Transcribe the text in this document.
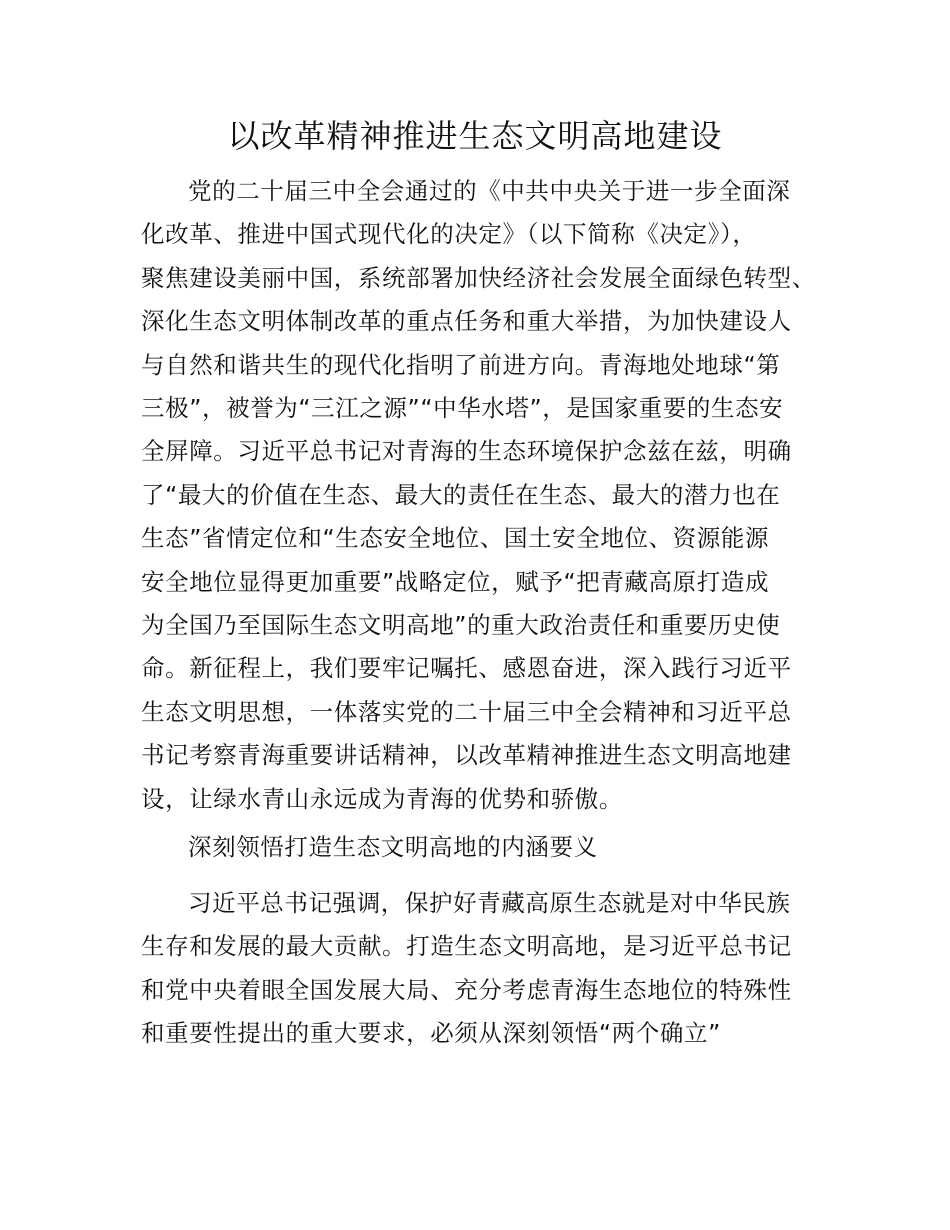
以改革精神推进生态文明高地建设
党的二十届三中全会通过的《中共中央关于进一步全面深
化改革、推进中国式现代化的决定》（以下简称《决定》），
聚焦建设美丽中国，系统部署加快经济社会发展全面绿色转型、
深化生态文明体制改革的重点任务和重大举措，为加快建设人
与自然和谐共生的现代化指明了前进方向。青海地处地球“第
三极”，被誉为“三江之源”“中华水塔”，是国家重要的生态安
全屏障。习近平总书记对青海的生态环境保护念兹在兹，明确
了“最大的价值在生态、最大的责任在生态、最大的潜力也在
生态”省情定位和“生态安全地位、国土安全地位、资源能源
安全地位显得更加重要”战略定位，赋予“把青藏高原打造成
为全国乃至国际生态文明高地”的重大政治责任和重要历史使
命。新征程上，我们要牢记嘱托、感恩奋进，深入践行习近平
生态文明思想，一体落实党的二十届三中全会精神和习近平总
书记考察青海重要讲话精神，以改革精神推进生态文明高地建
设，让绿水青山永远成为青海的优势和骄傲。
深刻领悟打造生态文明高地的内涵要义
习近平总书记强调，保护好青藏高原生态就是对中华民族
生存和发展的最大贡献。打造生态文明高地，是习近平总书记
和党中央着眼全国发展大局、充分考虑青海生态地位的特殊性
和重要性提出的重大要求，必须从深刻领悟“两个确立”
